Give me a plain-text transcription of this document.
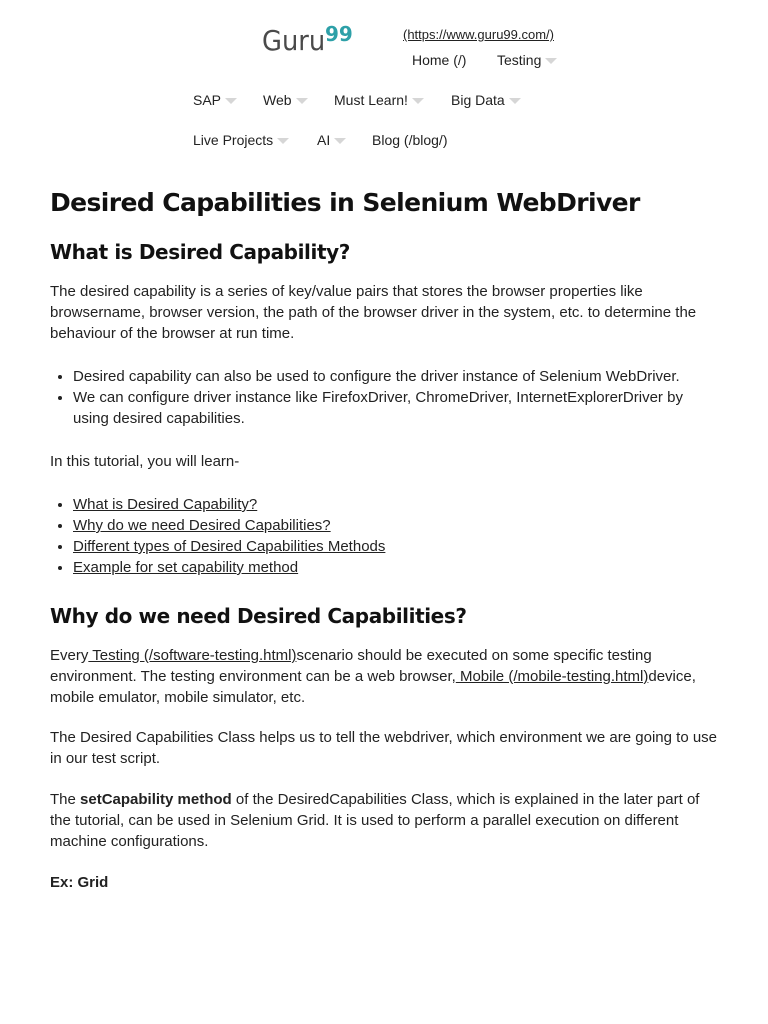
Guru 99	(https://www.guru99.com/)
Home (/) Testing
SAP	Web	Must Learn!	Big Data
Live Projects	AI	Blog (/blog/)
Desired Capabilities in Selenium WebDriver
What is Desired Capability?

The desired capability is a series of key/value pairs that stores the browser properties like browsername, browser version, the path of the browser driver in the system, etc. to determine the behaviour of the browser at run time.

• Desired capability can also be used to configure the driver instance of Selenium WebDriver.
• We can configure driver instance like FirefoxDriver, ChromeDriver, InternetExplorerDriver by using desired capabilities.

In this tutorial, you will learn-

• What is Desired Capability?
• Why do we need Desired Capabilities?
• Different types of Desired Capabilities Methods
• Example for set capability method
Why do we need Desired Capabilities?

Every Testing (/software-testing.html)scenario should be executed on some specific testing environment. The testing environment can be a web browser, Mobile (/mobile-testing.html)device, mobile emulator, mobile simulator, etc.

The Desired Capabilities Class helps us to tell the webdriver, which environment we are going to use in our test script.

The setCapability method of the DesiredCapabilities Class, which is explained in the later part of the tutorial, can be used in Selenium Grid. It is used to perform a parallel execution on different machine configurations.

Ex: Grid
